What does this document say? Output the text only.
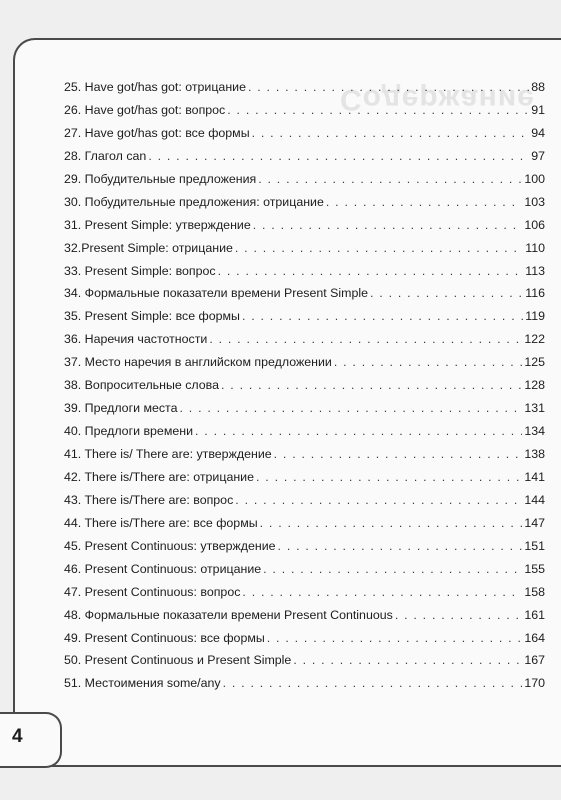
Содержание
25. Have got/has got: отрицание . . .	88
26. Have got/has got: вопрос . . .	91
27. Have got/has got: все формы . . .	94
28. Глагол can . . .	97
29. Побудительные предложения . . .	100
30. Побудительные предложения: отрицание . . .	103
31. Present Simple: утверждение . . .	106
32.Present Simple: отрицание . . .	110
33. Present Simple: вопрос . . .	113
34. Формальные показатели времени Present Simple . . .	116
35. Present Simple: все формы . . .	119
36. Наречия частотности . . .	122
37. Место наречия в английском предложении . . .	125
38. Вопросительные слова . . .	128
39. Предлоги места . . .	131
40. Предлоги времени . . .	134
41. There is/ There are: утверждение . . .	138
42. There is/There are: отрицание . . .	141
43. There is/There are: вопрос . . .	144
44. There is/There are: все формы . . .	147
45. Present Continuous: утверждение . . .	151
46. Present Continuous: отрицание . . .	155
47. Present Continuous: вопрос . . .	158
48. Формальные показатели времени Present Continuous . . .	161
49. Present Continuous: все формы . . .	164
50. Present Continuous и Present Simple . . .	167
51. Местоимения some/any . . .	170
4
